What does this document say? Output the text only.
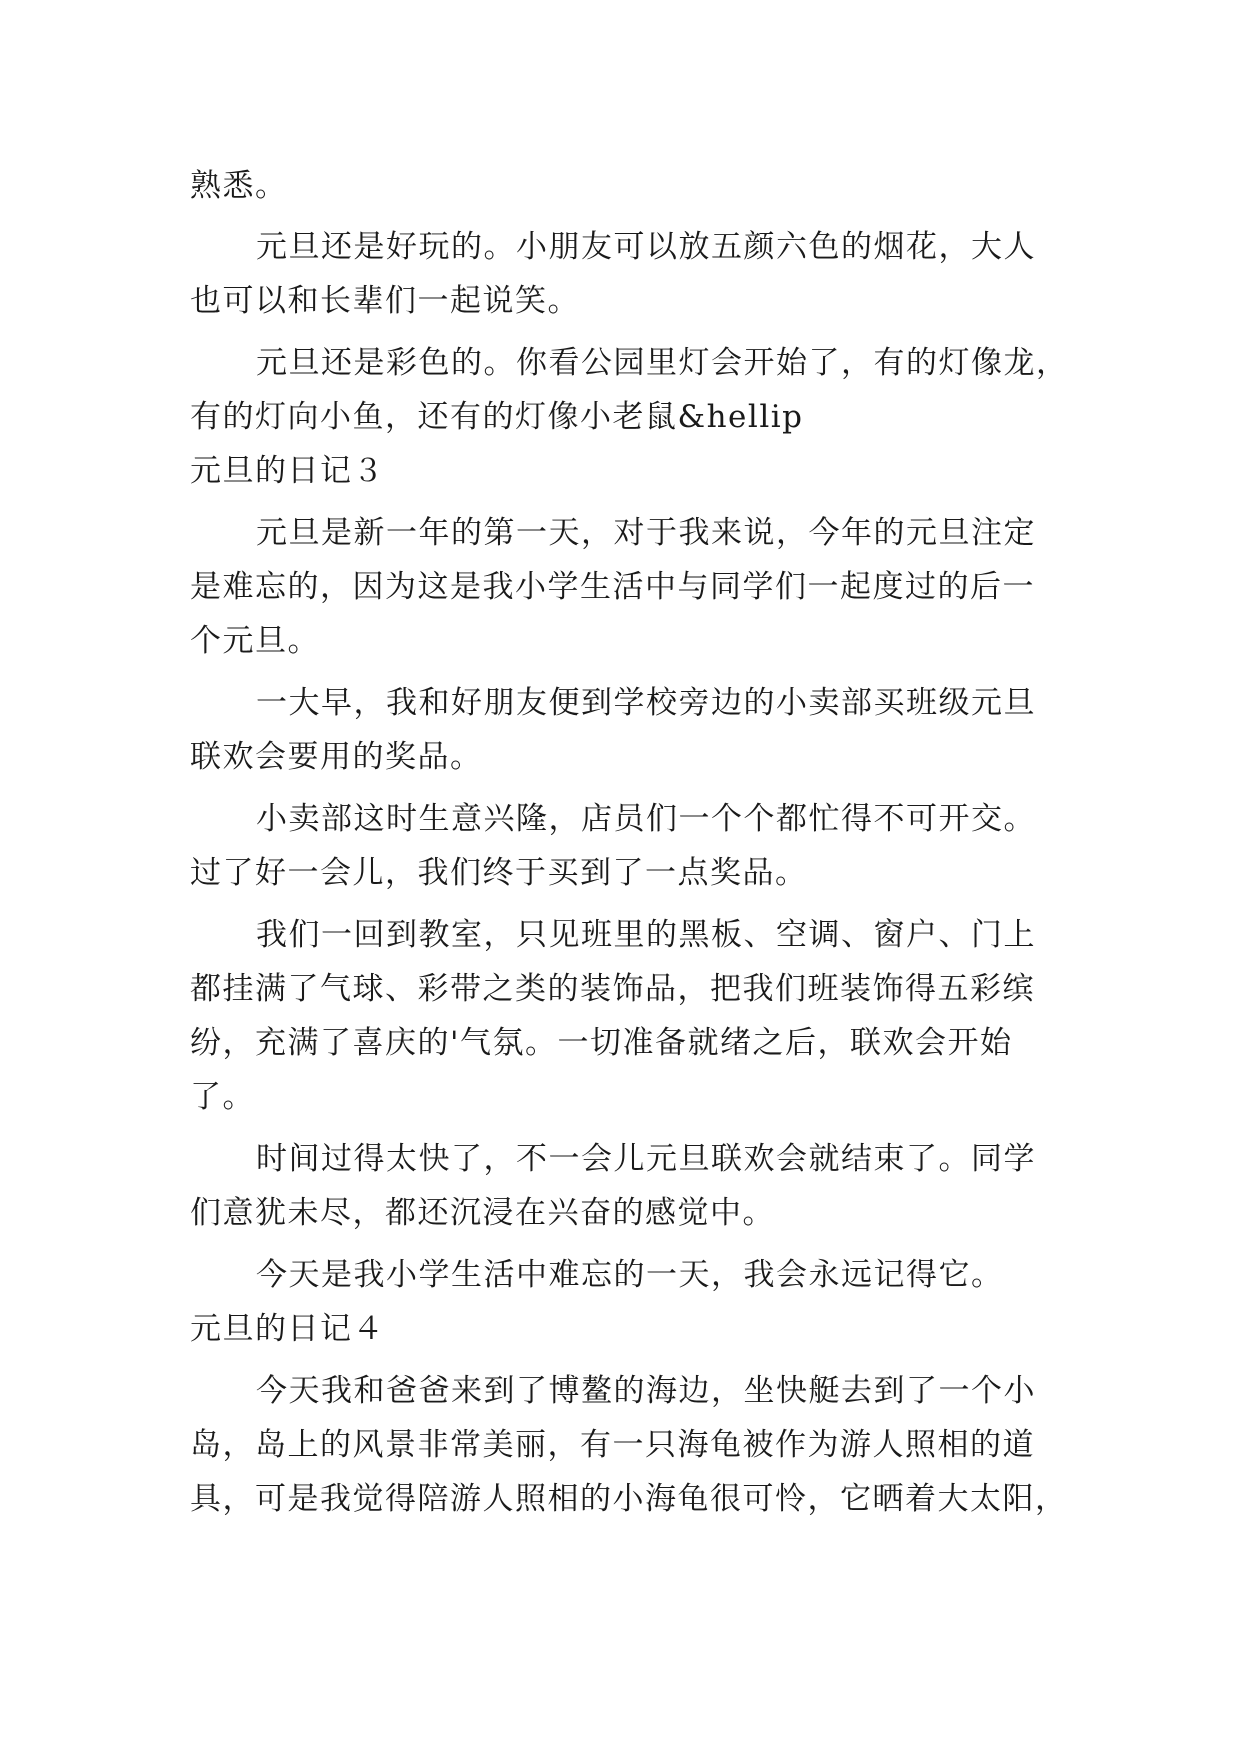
熟悉。
元旦还是好玩的。小朋友可以放五颜六色的烟花，大人
也可以和长辈们一起说笑。
元旦还是彩色的。你看公园里灯会开始了，有的灯像龙，
有的灯向小鱼，还有的灯像小老鼠&hellip
元旦的日记３
元旦是新一年的第一天，对于我来说，今年的元旦注定
是难忘的，因为这是我小学生活中与同学们一起度过的后一
个元旦。
一大早，我和好朋友便到学校旁边的小卖部买班级元旦
联欢会要用的奖品。
小卖部这时生意兴隆，店员们一个个都忙得不可开交。
过了好一会儿，我们终于买到了一点奖品。
我们一回到教室，只见班里的黑板、空调、窗户、门上
都挂满了气球、彩带之类的装饰品，把我们班装饰得五彩缤
纷，充满了喜庆的'气氛。一切准备就绪之后，联欢会开始
了。
时间过得太快了，不一会儿元旦联欢会就结束了。同学
们意犹未尽，都还沉浸在兴奋的感觉中。
今天是我小学生活中难忘的一天，我会永远记得它。
元旦的日记４
今天我和爸爸来到了博鳌的海边，坐快艇去到了一个小
岛，岛上的风景非常美丽，有一只海龟被作为游人照相的道
具，可是我觉得陪游人照相的小海龟很可怜，它晒着大太阳，
